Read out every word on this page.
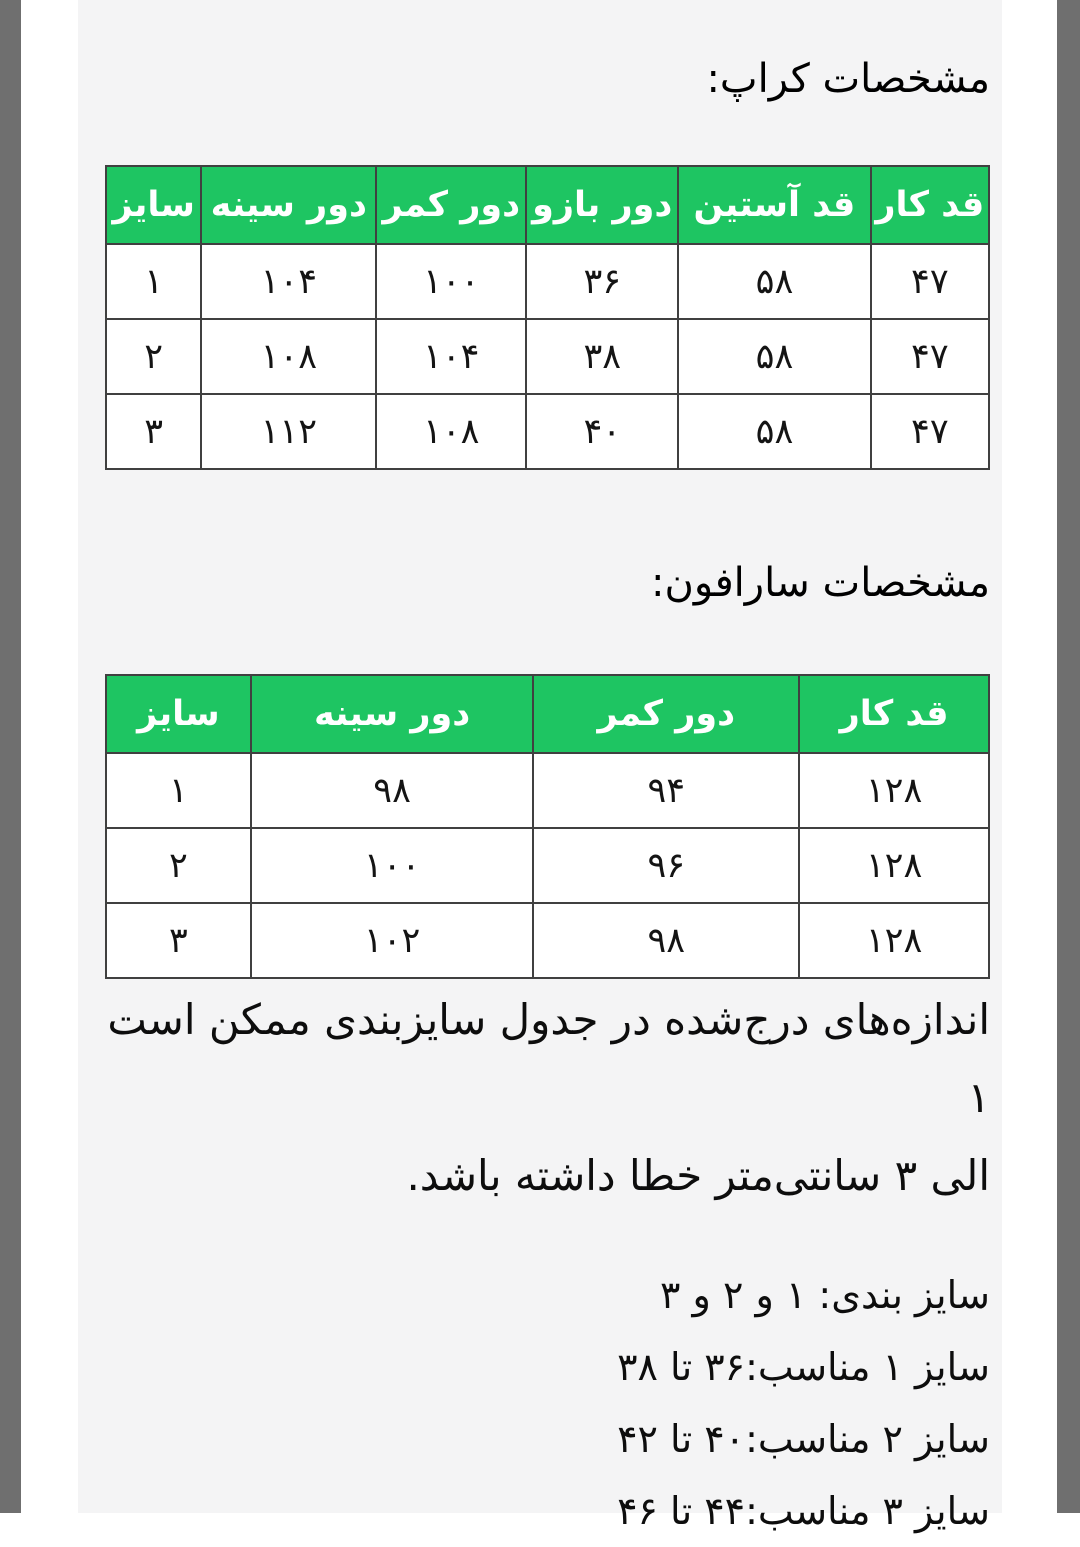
مشخصات کراپ:
قد کار	قد آستین	دور بازو	دور کمر	دور سینه	سایز
۴۷	۵۸	۳۶	۱۰۰	۱۰۴	۱
۴۷	۵۸	۳۸	۱۰۴	۱۰۸	۲
۴۷	۵۸	۴۰	۱۰۸	۱۱۲	۳
مشخصات سارافون:
قد کار	دور کمر	دور سینه	سایز
۱۲۸	۹۴	۹۸	۱
۱۲۸	۹۶	۱۰۰	۲
۱۲۸	۹۸	۱۰۲	۳
اندازه‌های درج‌شده در جدول سایزبندی ممکن است ۱
الی ۳ سانتی‌متر خطا داشته باشد.

سایز بندی: ۱ و ۲ و ۳

سایز ۱ مناسب:۳۶ تا ۳۸

سایز ۲ مناسب:۴۰ تا ۴۲

سایز ۳ مناسب:۴۴ تا ۴۶
